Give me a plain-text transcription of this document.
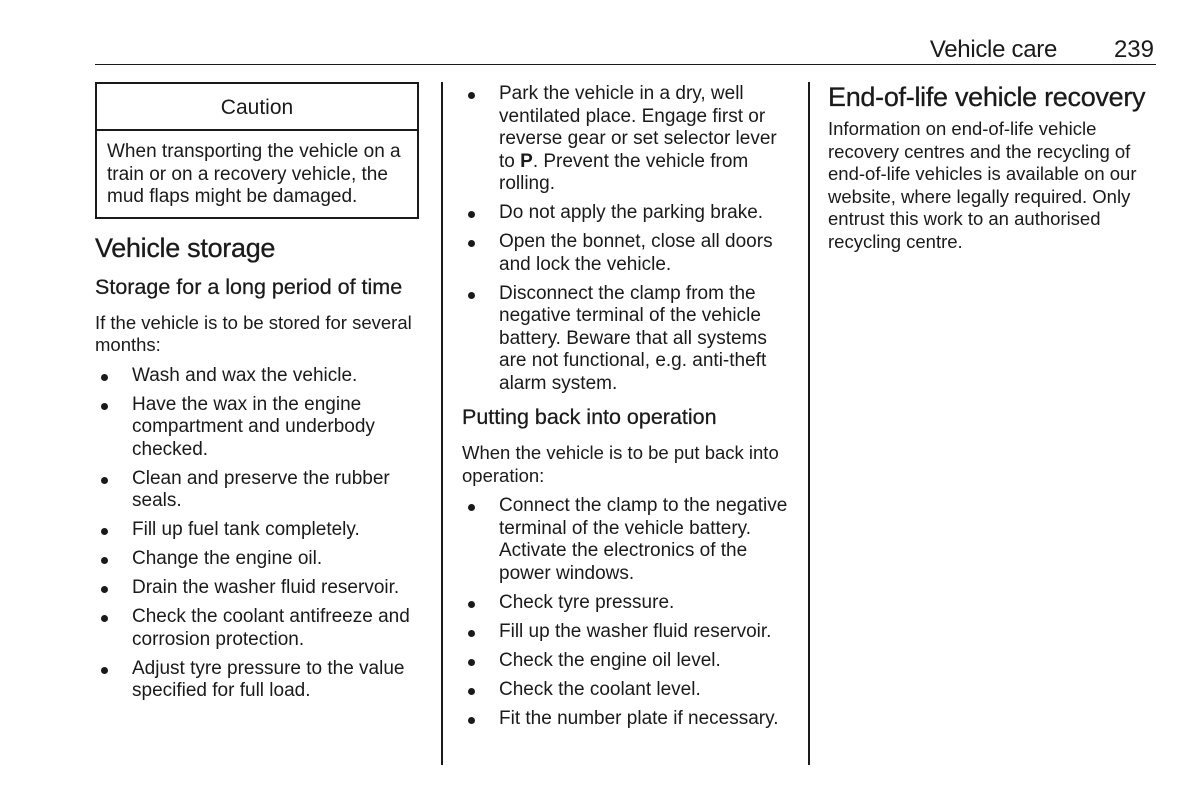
Vehicle care 239
Caution
When transporting the vehicle on a train or on a recovery vehicle, the mud flaps might be damaged.
Vehicle storage
Storage for a long period of time

If the vehicle is to be stored for several months:

Wash and wax the vehicle.
Have the wax in the engine compartment and underbody checked.
Clean and preserve the rubber seals.
Fill up fuel tank completely.
Change the engine oil.
Drain the washer fluid reservoir.
Check the coolant antifreeze and corrosion protection.
Adjust tyre pressure to the value specified for full load.
Park the vehicle in a dry, well ventilated place. Engage first or reverse gear or set selector lever to P. Prevent the vehicle from rolling.
Do not apply the parking brake.
Open the bonnet, close all doors and lock the vehicle.
Disconnect the clamp from the negative terminal of the vehicle battery. Beware that all systems are not functional, e.g. anti-theft alarm system.
Putting back into operation

When the vehicle is to be put back into operation:

Connect the clamp to the negative terminal of the vehicle battery. Activate the electronics of the power windows.
Check tyre pressure.
Fill up the washer fluid reservoir.
Check the engine oil level.
Check the coolant level.
Fit the number plate if necessary.
End-of-life vehicle recovery

Information on end-of-life vehicle recovery centres and the recycling of end-of-life vehicles is available on our website, where legally required. Only entrust this work to an authorised recycling centre.
